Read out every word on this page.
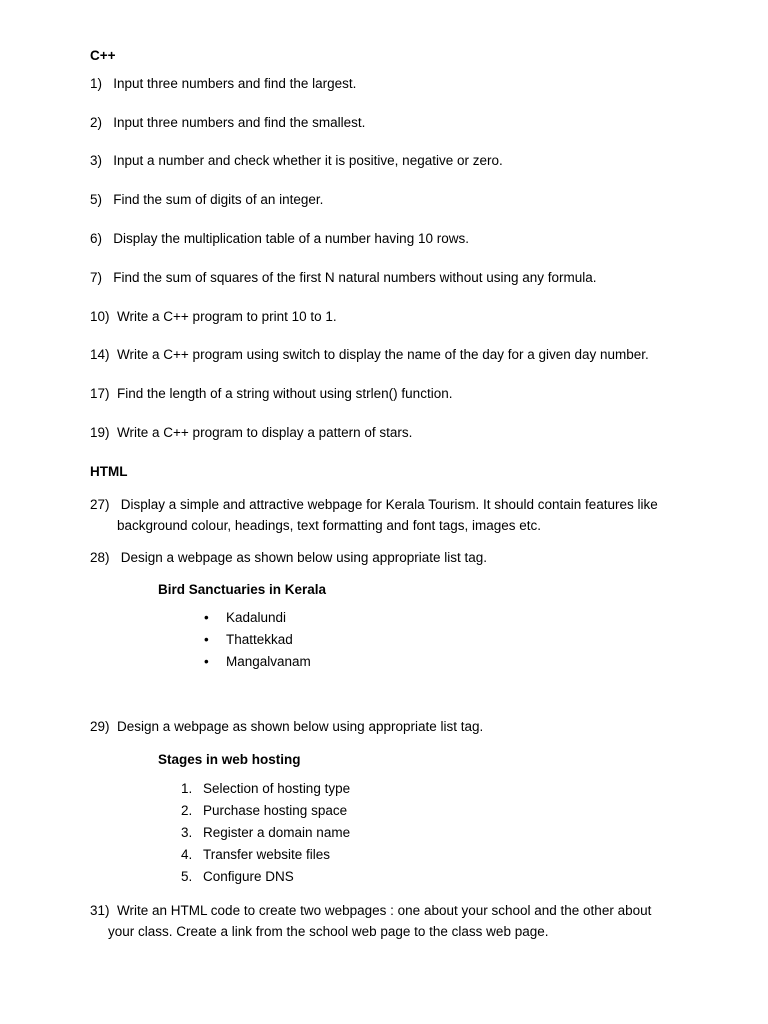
C++
1) Input three numbers and find the largest.
2) Input three numbers and find the smallest.
3) Input a number and check whether it is positive, negative or zero.
5) Find the sum of digits of an integer.
6) Display the multiplication table of a number having 10 rows.
7) Find the sum of squares of the first N natural numbers without using any formula.
10) Write a C++ program to print 10 to 1.
14) Write a C++ program using switch to display the name of the day for a given day number.
17) Find the length of a string without using strlen() function.
19) Write a C++ program to display a pattern of stars.
HTML
27) Display a simple and attractive webpage for Kerala Tourism. It should contain features like
background colour, headings, text formatting and font tags, images etc.
28) Design a webpage as shown below using appropriate list tag.
Bird Sanctuaries in Kerala
• Kadalundi
• Thattekkad
• Mangalvanam
29) Design a webpage as shown below using appropriate list tag.
Stages in web hosting
1. Selection of hosting type
2. Purchase hosting space
3. Register a domain name
4. Transfer website files
5. Configure DNS
31) Write an HTML code to create two webpages : one about your school and the other about
your class. Create a link from the school web page to the class web page.
